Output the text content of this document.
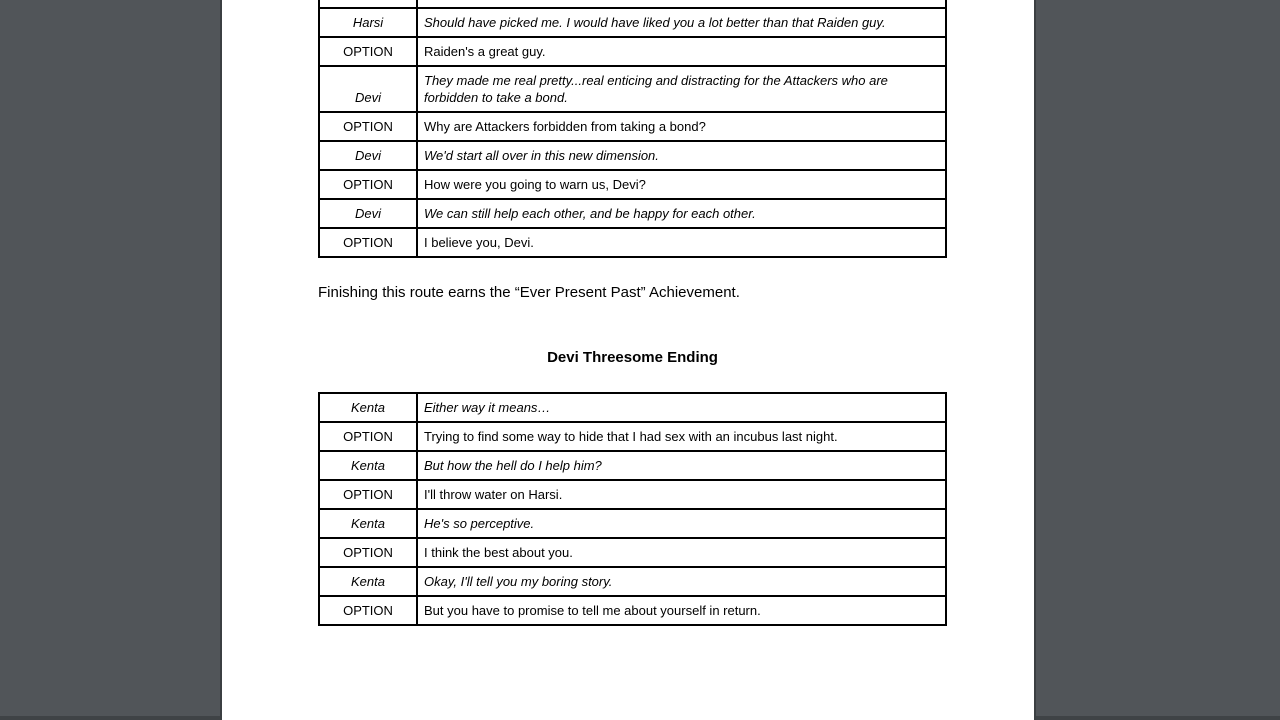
Harsi	Should have picked me. I would have liked you a lot better than that Raiden guy.
OPTION	Raiden's a great guy.
Devi	They made me real pretty...real enticing and distracting for the Attackers who are forbidden to take a bond.
OPTION	Why are Attackers forbidden from taking a bond?
Devi	We'd start all over in this new dimension.
OPTION	How were you going to warn us, Devi?
Devi	We can still help each other, and be happy for each other.
OPTION	I believe you, Devi.

Finishing this route earns the “Ever Present Past” Achievement.

Devi Threesome Ending

Kenta	Either way it means…
OPTION	Trying to find some way to hide that I had sex with an incubus last night.
Kenta	But how the hell do I help him?
OPTION	I'll throw water on Harsi.
Kenta	He's so perceptive.
OPTION	I think the best about you.
Kenta	Okay, I'll tell you my boring story.
OPTION	But you have to promise to tell me about yourself in return.
